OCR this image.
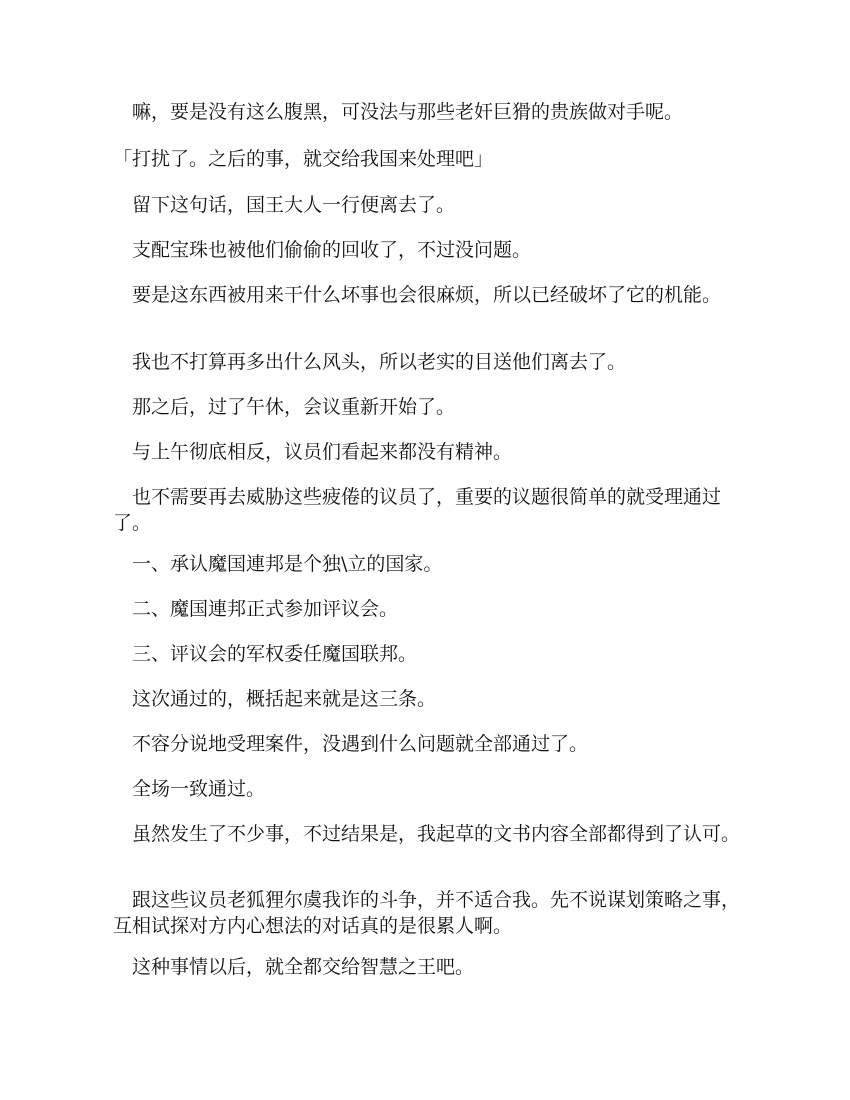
嘛，要是没有这么腹黑，可没法与那些老奸巨猾的贵族做对手呢。

「打扰了。之后的事，就交给我国来处理吧」

留下这句话，国王大人一行便离去了。

支配宝珠也被他们偷偷的回收了，不过没问题。

要是这东西被用来干什么坏事也会很麻烦，所以已经破坏了它的机能。

我也不打算再多出什么风头，所以老实的目送他们离去了。

那之后，过了午休，会议重新开始了。

与上午彻底相反，议员们看起来都没有精神。

也不需要再去威胁这些疲倦的议员了，重要的议题很简单的就受理通过了。

一、承认魔国連邦是个独\立的国家。

二、魔国連邦正式参加评议会。

三、评议会的军权委任魔国联邦。

这次通过的，概括起来就是这三条。

不容分说地受理案件，没遇到什么问题就全部通过了。

全场一致通过。

虽然发生了不少事，不过结果是，我起草的文书内容全部都得到了认可。

跟这些议员老狐狸尔虞我诈的斗争，并不适合我。先不说谋划策略之事，互相试探对方内心想法的对话真的是很累人啊。

这种事情以后，就全都交给智慧之王吧。
